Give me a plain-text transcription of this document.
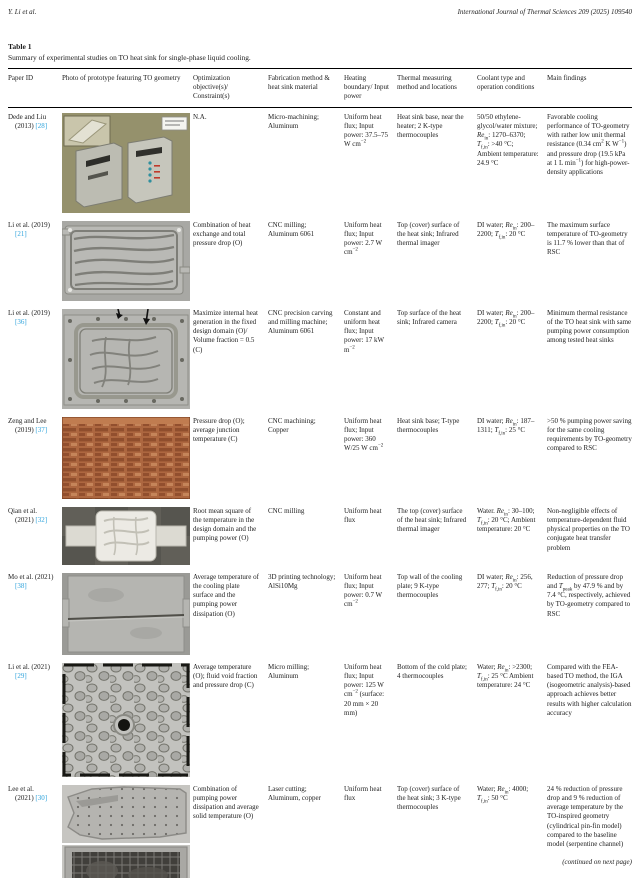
Y. Li et al.	International Journal of Thermal Sciences 209 (2025) 109540
Table 1
Summary of experimental studies on TO heat sink for single-phase liquid cooling.
Paper ID	Photo of prototype featuring TO geometry	Optimization objective(s)/ Constraint(s)	Fabrication method & heat sink material	Heating boundary/ Input power	Thermal measuring method and locations	Coolant type and operation conditions	Main findings

Dede and Liu (2013) [28]		N.A.	Micro-machining; Aluminum	Uniform heat flux; Input power: 37.5–75 W $cm^{-2}$	Heat sink base, near the heater; 2 K-type thermocouples	50/50 ethylene-glycol/water mixture; $Re_{in}$: 1270–6370; $T_{f,in}$: >40 °C; Ambient temperature: 24.9 °C	Favorable cooling performance of TO-geometry with rather low unit thermal resistance (0.34 $cm^2$ K $W^{-1}$) and pressure drop (19.5 kPa at 1 L $\min^{-1}$) for high-power-density applications

Li et al. (2019) [21]		Combination of heat exchange and total pressure drop (O)	CNC milling; Aluminum 6061	Uniform heat flux; Input power: 2.7 W $cm^{-2}$	Top (cover) surface of the heat sink; Infrared thermal imager	DI water; $Re_{in}$: 200–2200; $T_{f,in}$: 20 °C	The maximum surface temperature of TO-geometry is 11.7 % lower than that of RSC

Li et al. (2019) [36]		Maximize internal heat generation in the fixed design domain (O)/ Volume fraction = 0.5 (C)	CNC precision carving and milling machine; Aluminum 6061	Constant and uniform heat flux; Input power: 17 kW $m^{-2}$	Top surface of the heat sink; Infrared camera	DI water; $Re_{in}$: 200–2200; $T_{f,in}$: 20 °C	Minimum thermal resistance of the TO heat sink with same pumping power consumption among tested heat sinks

Zeng and Lee (2019) [37]		Pressure drop (O); average junction temperature (C)	CNC machining; Copper	Uniform heat flux; Input power: 360 W/25 W $cm^{-2}$	Heat sink base; T-type thermocouples	DI water; $Re_{in}$: 187–1311; $T_{f,in}$: 25 °C	>50 % pumping power saving for the same cooling requirements by TO-geometry compared to RSC

Qian et al. (2021) [32]		Root mean square of the temperature in the design domain and the pumping power (O)	CNC milling	Uniform heat flux	The top (cover) surface of the heat sink; Infrared thermal imager	Water. $Re_{in}$: 30–100; $T_{f,in}$: 20 °C; Ambient temperature: 20 °C	Non-negligible effects of temperature-dependent fluid physical properties on the TO conjugate heat transfer problem

Mo et al. (2021) [38]		Average temperature of the cooling plate surface and the pumping power dissipation (O)	3D printing technology; AlSi10Mg	Uniform heat flux; Input power: 0.7 W $cm^{-2}$	Top wall of the cooling plate; 9 K-type thermocouples	DI water; $Re_{in}$: 256, 277; $T_{f,in}$: 20 °C	Reduction of pressure drop and $T_{peak}$ by 47.9 % and by 7.4 °C, respectively, achieved by TO-geometry compared to RSC

Li et al. (2021) [29]		Average temperature (O); fluid void fraction and pressure drop (C)	Micro milling; Aluminum	Uniform heat flux; Input power: 125 W $cm^{-2}$ (surface: 20 mm × 20 mm)	Bottom of the cold plate; 4 thermocouples	Water; $Re_{in}$: >2300; $T_{f,in}$: 25 °C Ambient temperature: 24 °C	Compared with the FEA-based TO method, the IGA (isogeometric analysis)-based approach achieves better results with higher calculation accuracy

Lee et al. (2021) [30]		Combination of pumping power dissipation and average solid temperature (O)	Laser cutting; Aluminum, copper	Uniform heat flux	Top (cover) surface of the heat sink; 3 K-type thermocouples	Water; $Re_{in}$: 4000; $T_{f,in}$: 50 °C	24 % reduction of pressure drop and 9 % reduction of average temperature by the TO-inspired geometry (cylindrical pin-fin model) compared to the baseline model (serpentine channel)
(continued on next page)
